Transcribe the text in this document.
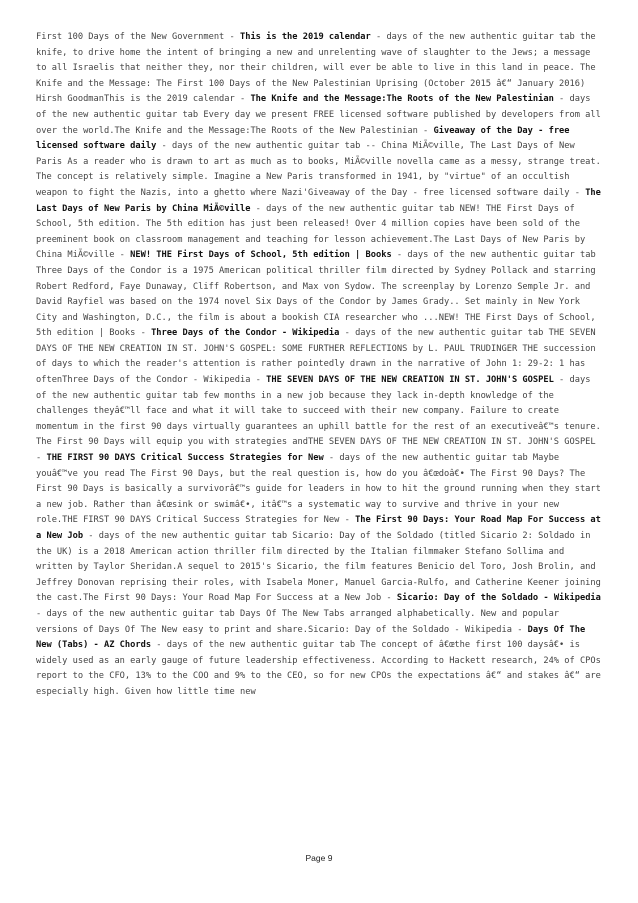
First 100 Days of the New Government - This is the 2019 calendar - days of the new authentic guitar tab the knife, to drive home the intent of bringing a new and unrelenting wave of slaughter to the Jews; a message to all Israelis that neither they, nor their children, will ever be able to live in this land in peace. The Knife and the Message: The First 100 Days of the New Palestinian Uprising (October 2015 â€“ January 2016) Hirsh GoodmanThis is the 2019 calendar - The Knife and the Message:The Roots of the New Palestinian - days of the new authentic guitar tab Every day we present FREE licensed software published by developers from all over the world.The Knife and the Message:The Roots of the New Palestinian - Giveaway of the Day - free licensed software daily - days of the new authentic guitar tab -- China MiÃ©ville, The Last Days of New Paris As a reader who is drawn to art as much as to books, MiÃ©ville novella came as a messy, strange treat. The concept is relatively simple. Imagine a New Paris transformed in 1941, by "virtue" of an occultish weapon to fight the Nazis, into a ghetto where Nazi'Giveaway of the Day - free licensed software daily - The Last Days of New Paris by China MiÃ©ville - days of the new authentic guitar tab NEW! THE First Days of School, 5th edition. The 5th edition has just been released! Over 4 million copies have been sold of the preeminent book on classroom management and teaching for lesson achievement.The Last Days of New Paris by China MiÃ©ville - NEW! THE First Days of School, 5th edition | Books - days of the new authentic guitar tab Three Days of the Condor is a 1975 American political thriller film directed by Sydney Pollack and starring Robert Redford, Faye Dunaway, Cliff Robertson, and Max von Sydow. The screenplay by Lorenzo Semple Jr. and David Rayfiel was based on the 1974 novel Six Days of the Condor by James Grady.. Set mainly in New York City and Washington, D.C., the film is about a bookish CIA researcher who ...NEW! THE First Days of School, 5th edition | Books - Three Days of the Condor - Wikipedia - days of the new authentic guitar tab THE SEVEN DAYS OF THE NEW CREATION IN ST. JOHN'S GOSPEL: SOME FURTHER REFLECTIONS by L. PAUL TRUDINGER THE succession of days to which the reader's attention is rather pointedly drawn in the narrative of John 1: 29-2: 1 has oftenThree Days of the Condor - Wikipedia - THE SEVEN DAYS OF THE NEW CREATION IN ST. JOHN'S GOSPEL - days of the new authentic guitar tab few months in a new job because they lack in-depth knowledge of the challenges theyâ€™ll face and what it will take to succeed with their new company. Failure to create momentum in the first 90 days virtually guarantees an uphill battle for the rest of an executiveâ€™s tenure. The First 90 Days will equip you with strategies andTHE SEVEN DAYS OF THE NEW CREATION IN ST. JOHN'S GOSPEL - THE FIRST 90 DAYS Critical Success Strategies for New - days of the new authentic guitar tab Maybe youâ€™ve you read The First 90 Days, but the real question is, how do you â€œdoâ€• The First 90 Days? The First 90 Days is basically a survivorâ€™s guide for leaders in how to hit the ground running when they start a new job. Rather than â€œsink or swimâ€•, itâ€™s a systematic way to survive and thrive in your new role.THE FIRST 90 DAYS Critical Success Strategies for New - The First 90 Days: Your Road Map For Success at a New Job - days of the new authentic guitar tab Sicario: Day of the Soldado (titled Sicario 2: Soldado in the UK) is a 2018 American action thriller film directed by the Italian filmmaker Stefano Sollima and written by Taylor Sheridan.A sequel to 2015's Sicario, the film features Benicio del Toro, Josh Brolin, and Jeffrey Donovan reprising their roles, with Isabela Moner, Manuel Garcia-Rulfo, and Catherine Keener joining the cast.The First 90 Days: Your Road Map For Success at a New Job - Sicario: Day of the Soldado - Wikipedia - days of the new authentic guitar tab Days Of The New Tabs arranged alphabetically. New and popular versions of Days Of The New easy to print and share.Sicario: Day of the Soldado - Wikipedia - Days Of The New (Tabs) - AZ Chords - days of the new authentic guitar tab The concept of â€œthe first 100 daysâ€• is widely used as an early gauge of future leadership effectiveness. According to Hackett research, 24% of CPOs report to the CFO, 13% to the COO and 9% to the CEO, so for new CPOs the expectations â€“ and stakes â€“ are especially high. Given how little time new
Page 9
